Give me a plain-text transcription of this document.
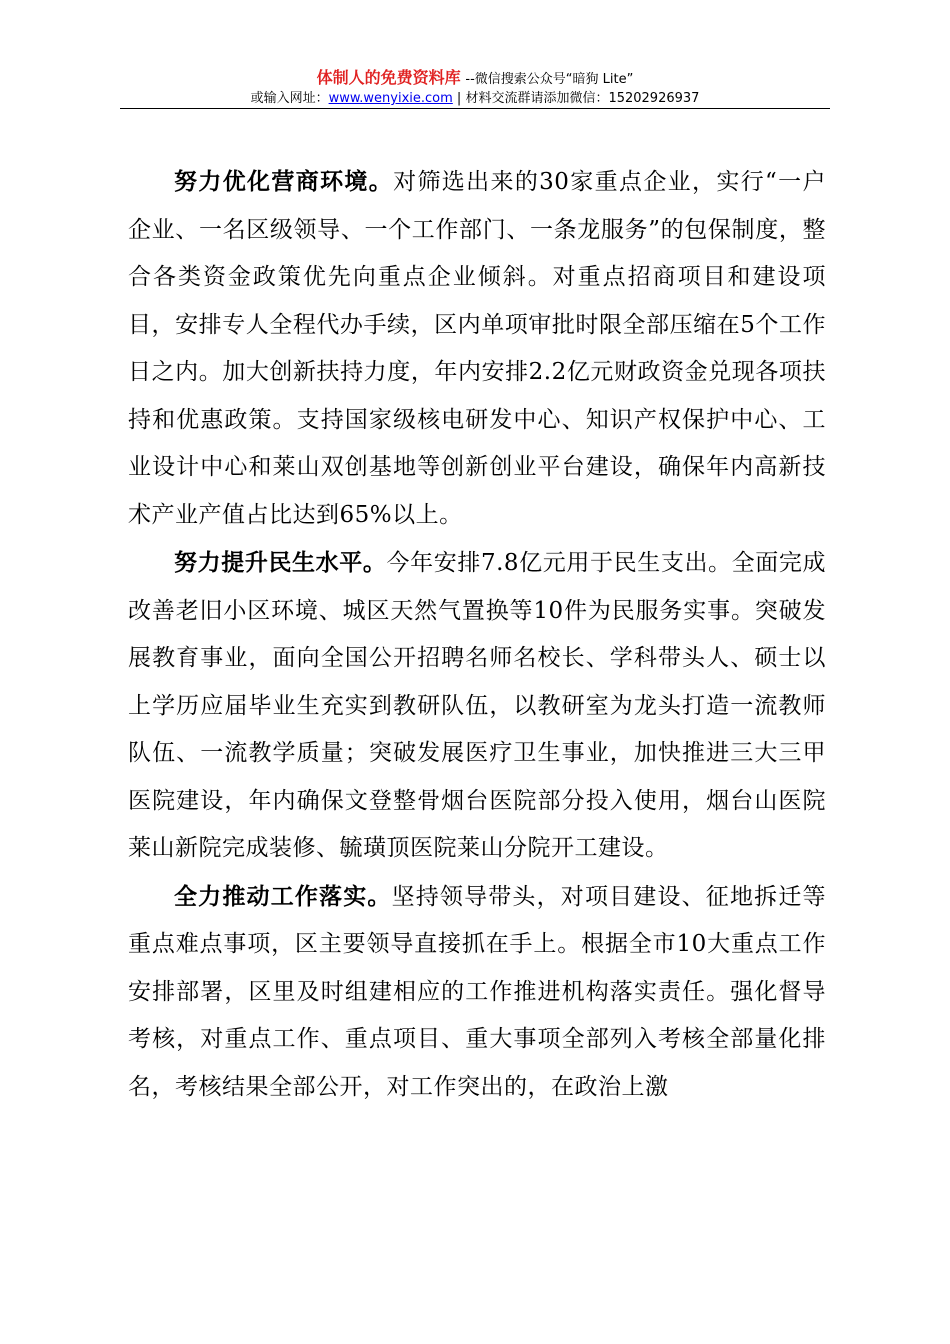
体制人的免费资料库 --微信搜索公众号“暗狗 Lite”
或输入网址：www.wenyixie.com | 材料交流群请添加微信：15202926937

努力优化营商环境。对筛选出来的30家重点企业，实行“一户企业、一名区级领导、一个工作部门、一条龙服务”的包保制度，整合各类资金政策优先向重点企业倾斜。对重点招商项目和建设项目，安排专人全程代办手续，区内单项审批时限全部压缩在5个工作日之内。加大创新扶持力度，年内安排2.2亿元财政资金兑现各项扶持和优惠政策。支持国家级核电研发中心、知识产权保护中心、工业设计中心和莱山双创基地等创新创业平台建设，确保年内高新技术产业产值占比达到65%以上。

努力提升民生水平。今年安排7.8亿元用于民生支出。全面完成改善老旧小区环境、城区天然气置换等10件为民服务实事。突破发展教育事业，面向全国公开招聘名师名校长、学科带头人、硕士以上学历应届毕业生充实到教研队伍，以教研室为龙头打造一流教师队伍、一流教学质量；突破发展医疗卫生事业，加快推进三大三甲医院建设，年内确保文登整骨烟台医院部分投入使用，烟台山医院莱山新院完成装修、毓璜顶医院莱山分院开工建设。

全力推动工作落实。坚持领导带头，对项目建设、征地拆迁等重点难点事项，区主要领导直接抓在手上。根据全市10大重点工作安排部署，区里及时组建相应的工作推进机构落实责任。强化督导考核，对重点工作、重点项目、重大事项全部列入考核全部量化排名，考核结果全部公开，对工作突出的，在政治上激
